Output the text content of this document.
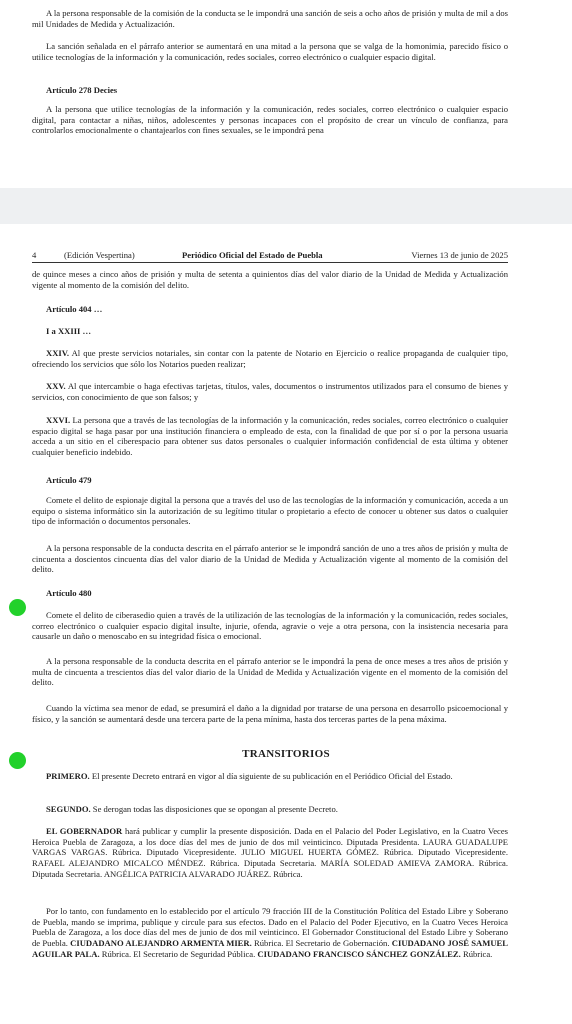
A la persona responsable de la comisión de la conducta se le impondrá una sanción de seis a ocho años de prisión y multa de mil a dos mil Unidades de Medida y Actualización.

La sanción señalada en el párrafo anterior se aumentará en una mitad a la persona que se valga de la homonimia, parecido físico o utilice tecnologías de la información y la comunicación, redes sociales, correo electrónico o cualquier espacio digital.

Artículo 278 Decies

A la persona que utilice tecnologías de la información y la comunicación, redes sociales, correo electrónico o cualquier espacio digital, para contactar a niñas, niños, adolescentes y personas incapaces con el propósito de crear un vínculo de confianza, para controlarlos emocionalmente o chantajearlos con fines sexuales, se le impondrá pena

4	(Edición Vespertina)	Periódico Oficial del Estado de Puebla	Viernes 13 de junio de 2025

de quince meses a cinco años de prisión y multa de setenta a quinientos días del valor diario de la Unidad de Medida y Actualización vigente al momento de la comisión del delito.

Artículo 404 …

I a XXIII …

XXIV. Al que preste servicios notariales, sin contar con la patente de Notario en Ejercicio o realice propaganda de cualquier tipo, ofreciendo los servicios que sólo los Notarios pueden realizar;

XXV. Al que intercambie o haga efectivas tarjetas, títulos, vales, documentos o instrumentos utilizados para el consumo de bienes y servicios, con conocimiento de que son falsos; y

XXVI. La persona que a través de las tecnologías de la información y la comunicación, redes sociales, correo electrónico o cualquier espacio digital se haga pasar por una institución financiera o empleado de esta, con la finalidad de que por sí o por la persona usuaria acceda a un sitio en el ciberespacio para obtener sus datos personales o cualquier información confidencial de esta última y obtener cualquier beneficio indebido.

Artículo 479

Comete el delito de espionaje digital la persona que a través del uso de las tecnologías de la información y comunicación, acceda a un equipo o sistema informático sin la autorización de su legítimo titular o propietario a efecto de conocer u obtener sus datos o cualquier tipo de información o documentos personales.

A la persona responsable de la conducta descrita en el párrafo anterior se le impondrá sanción de uno a tres años de prisión y multa de cincuenta a doscientos cincuenta días del valor diario de la Unidad de Medida y Actualización vigente al momento de la comisión del delito.

Artículo 480

Comete el delito de ciberasedio quien a través de la utilización de las tecnologías de la información y la comunicación, redes sociales, correo electrónico o cualquier espacio digital insulte, injurie, ofenda, agravie o veje a otra persona, con la insistencia necesaria para causarle un daño o menoscabo en su integridad física o emocional.

A la persona responsable de la conducta descrita en el párrafo anterior se le impondrá la pena de once meses a tres años de prisión y multa de cincuenta a trescientos días del valor diario de la Unidad de Medida y Actualización vigente en el momento de la comisión del delito.

Cuando la víctima sea menor de edad, se presumirá el daño a la dignidad por tratarse de una persona en desarrollo psicoemocional y físico, y la sanción se aumentará desde una tercera parte de la pena mínima, hasta dos terceras partes de la pena máxima.

TRANSITORIOS

PRIMERO. El presente Decreto entrará en vigor al día siguiente de su publicación en el Periódico Oficial del Estado.

SEGUNDO. Se derogan todas las disposiciones que se opongan al presente Decreto.

EL GOBERNADOR hará publicar y cumplir la presente disposición. Dada en el Palacio del Poder Legislativo, en la Cuatro Veces Heroica Puebla de Zaragoza, a los doce días del mes de junio de dos mil veinticinco. Diputada Presidenta. LAURA GUADALUPE VARGAS VARGAS. Rúbrica. Diputado Vicepresidente. JULIO MIGUEL HUERTA GÓMEZ. Rúbrica. Diputado Vicepresidente. RAFAEL ALEJANDRO MICALCO MÉNDEZ. Rúbrica. Diputada Secretaria. MARÍA SOLEDAD AMIEVA ZAMORA. Rúbrica. Diputada Secretaria. ANGÉLICA PATRICIA ALVARADO JUÁREZ. Rúbrica.

Por lo tanto, con fundamento en lo establecido por el artículo 79 fracción III de la Constitución Política del Estado Libre y Soberano de Puebla, mando se imprima, publique y circule para sus efectos. Dado en el Palacio del Poder Ejecutivo, en la Cuatro Veces Heroica Puebla de Zaragoza, a los doce días del mes de junio de dos mil veinticinco. El Gobernador Constitucional del Estado Libre y Soberano de Puebla. CIUDADANO ALEJANDRO ARMENTA MIER. Rúbrica. El Secretario de Gobernación. CIUDADANO JOSÉ SAMUEL AGUILAR PALA. Rúbrica. El Secretario de Seguridad Pública. CIUDADANO FRANCISCO SÁNCHEZ GONZÁLEZ. Rúbrica.
